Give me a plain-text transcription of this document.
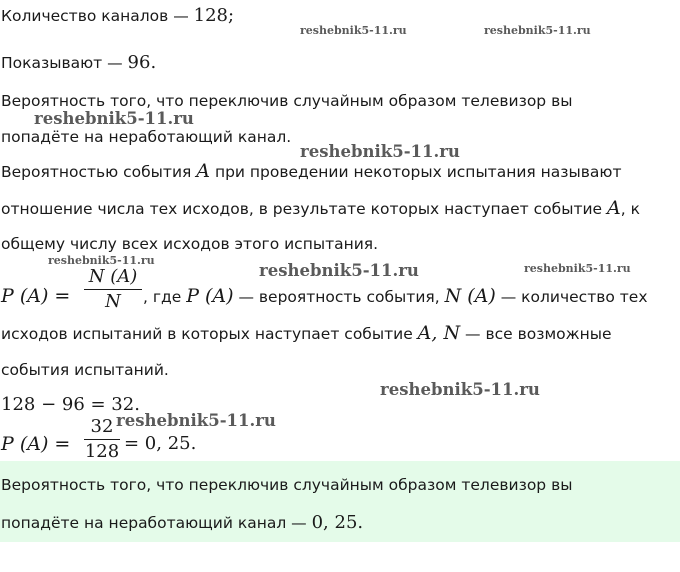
Количество каналов — 128;
reshebnik5-11.ru	reshebnik5-11.ru
Показывают — 96.
Вероятность того, что переключив случайным образом телевизор вы
reshebnik5-11.ru
попадёте на неработающий канал.
reshebnik5-11.ru
Вероятностью события A при проведении некоторых испытания называют
отношение числа тех исходов, в результате которых наступает событие A, к
общему числу всех исходов этого испытания.
reshebnik5-11.ru
reshebnik5-11.ru	reshebnik5-11.ru
P (A) =
N (A)
N	, где P (A) — вероятность события, N (A) — количество тех
исходов испытаний в которых наступает событие A, N — все возможные
события испытаний.
128 − 96 = 32.
reshebnik5-11.ru
P (A) =
32
128
reshebnik5-11.ru
= 0, 25.
Вероятность того, что переключив случайным образом телевизор вы
попадёте на неработающий канал — 0, 25.
